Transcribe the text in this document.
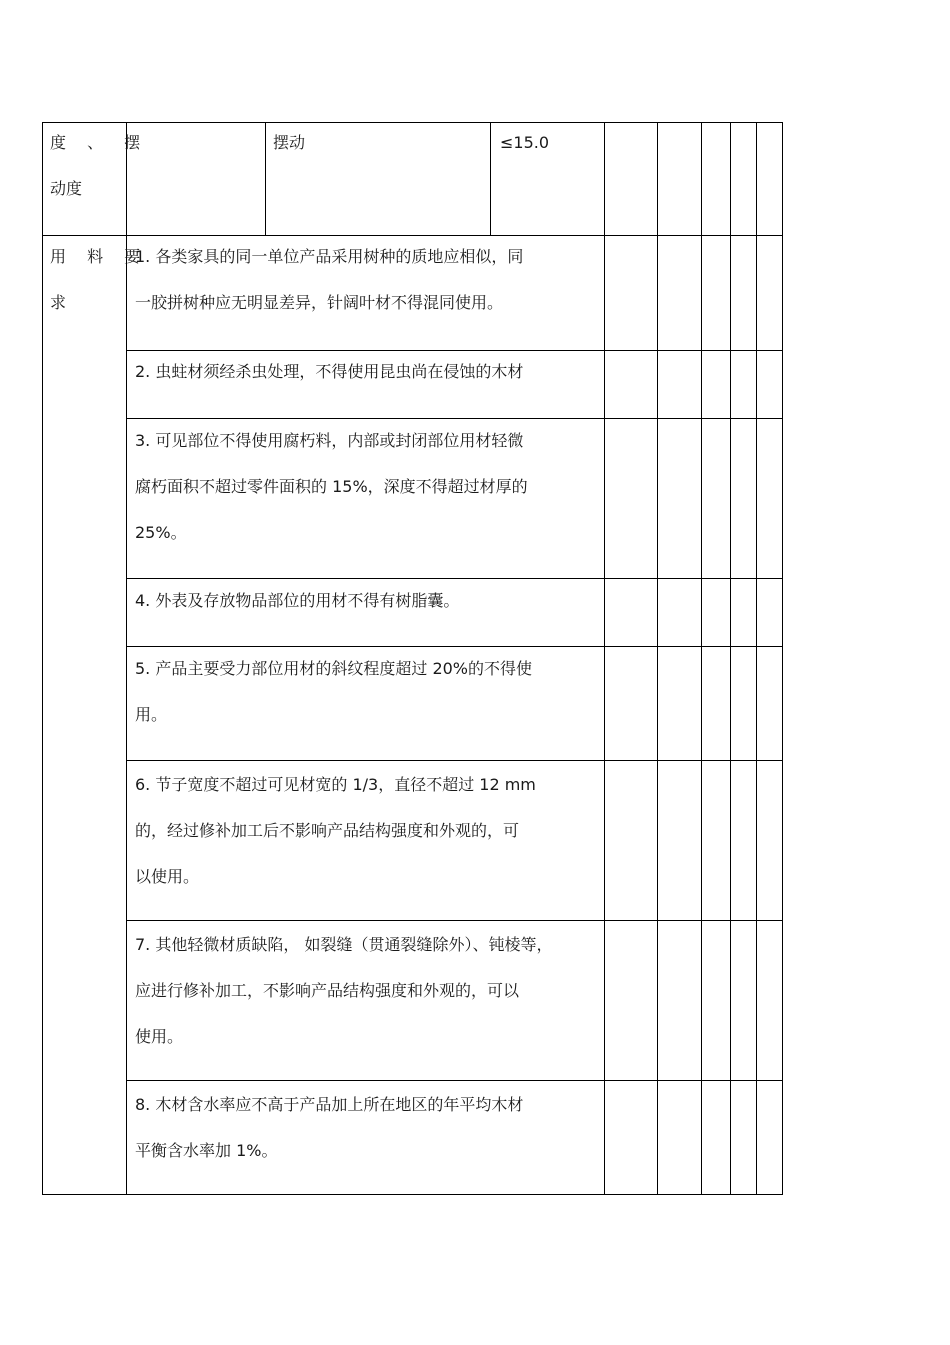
度 、 摆
动度
摆动	≤15.0
用 料 要
求
1. 各类家具的同一单位产品采用树种的质地应相似，同
一胶拼树种应无明显差异，针阔叶材不得混同使用。
2. 虫蛀材须经杀虫处理，不得使用昆虫尚在侵蚀的木材
3. 可见部位不得使用腐朽料，内部或封闭部位用材轻微
腐朽面积不超过零件面积的 15%，深度不得超过材厚的
25%。
4. 外表及存放物品部位的用材不得有树脂囊。
5. 产品主要受力部位用材的斜纹程度超过 20%的不得使
用。
6. 节子宽度不超过可见材宽的 1/3，直径不超过 12 mm
的，经过修补加工后不影响产品结构强度和外观的，可
以使用。
7. 其他轻微材质缺陷， 如裂缝（贯通裂缝除外）、钝棱等，
应进行修补加工，不影响产品结构强度和外观的，可以
使用。
8. 木材含水率应不高于产品加上所在地区的年平均木材
平衡含水率加 1%。
